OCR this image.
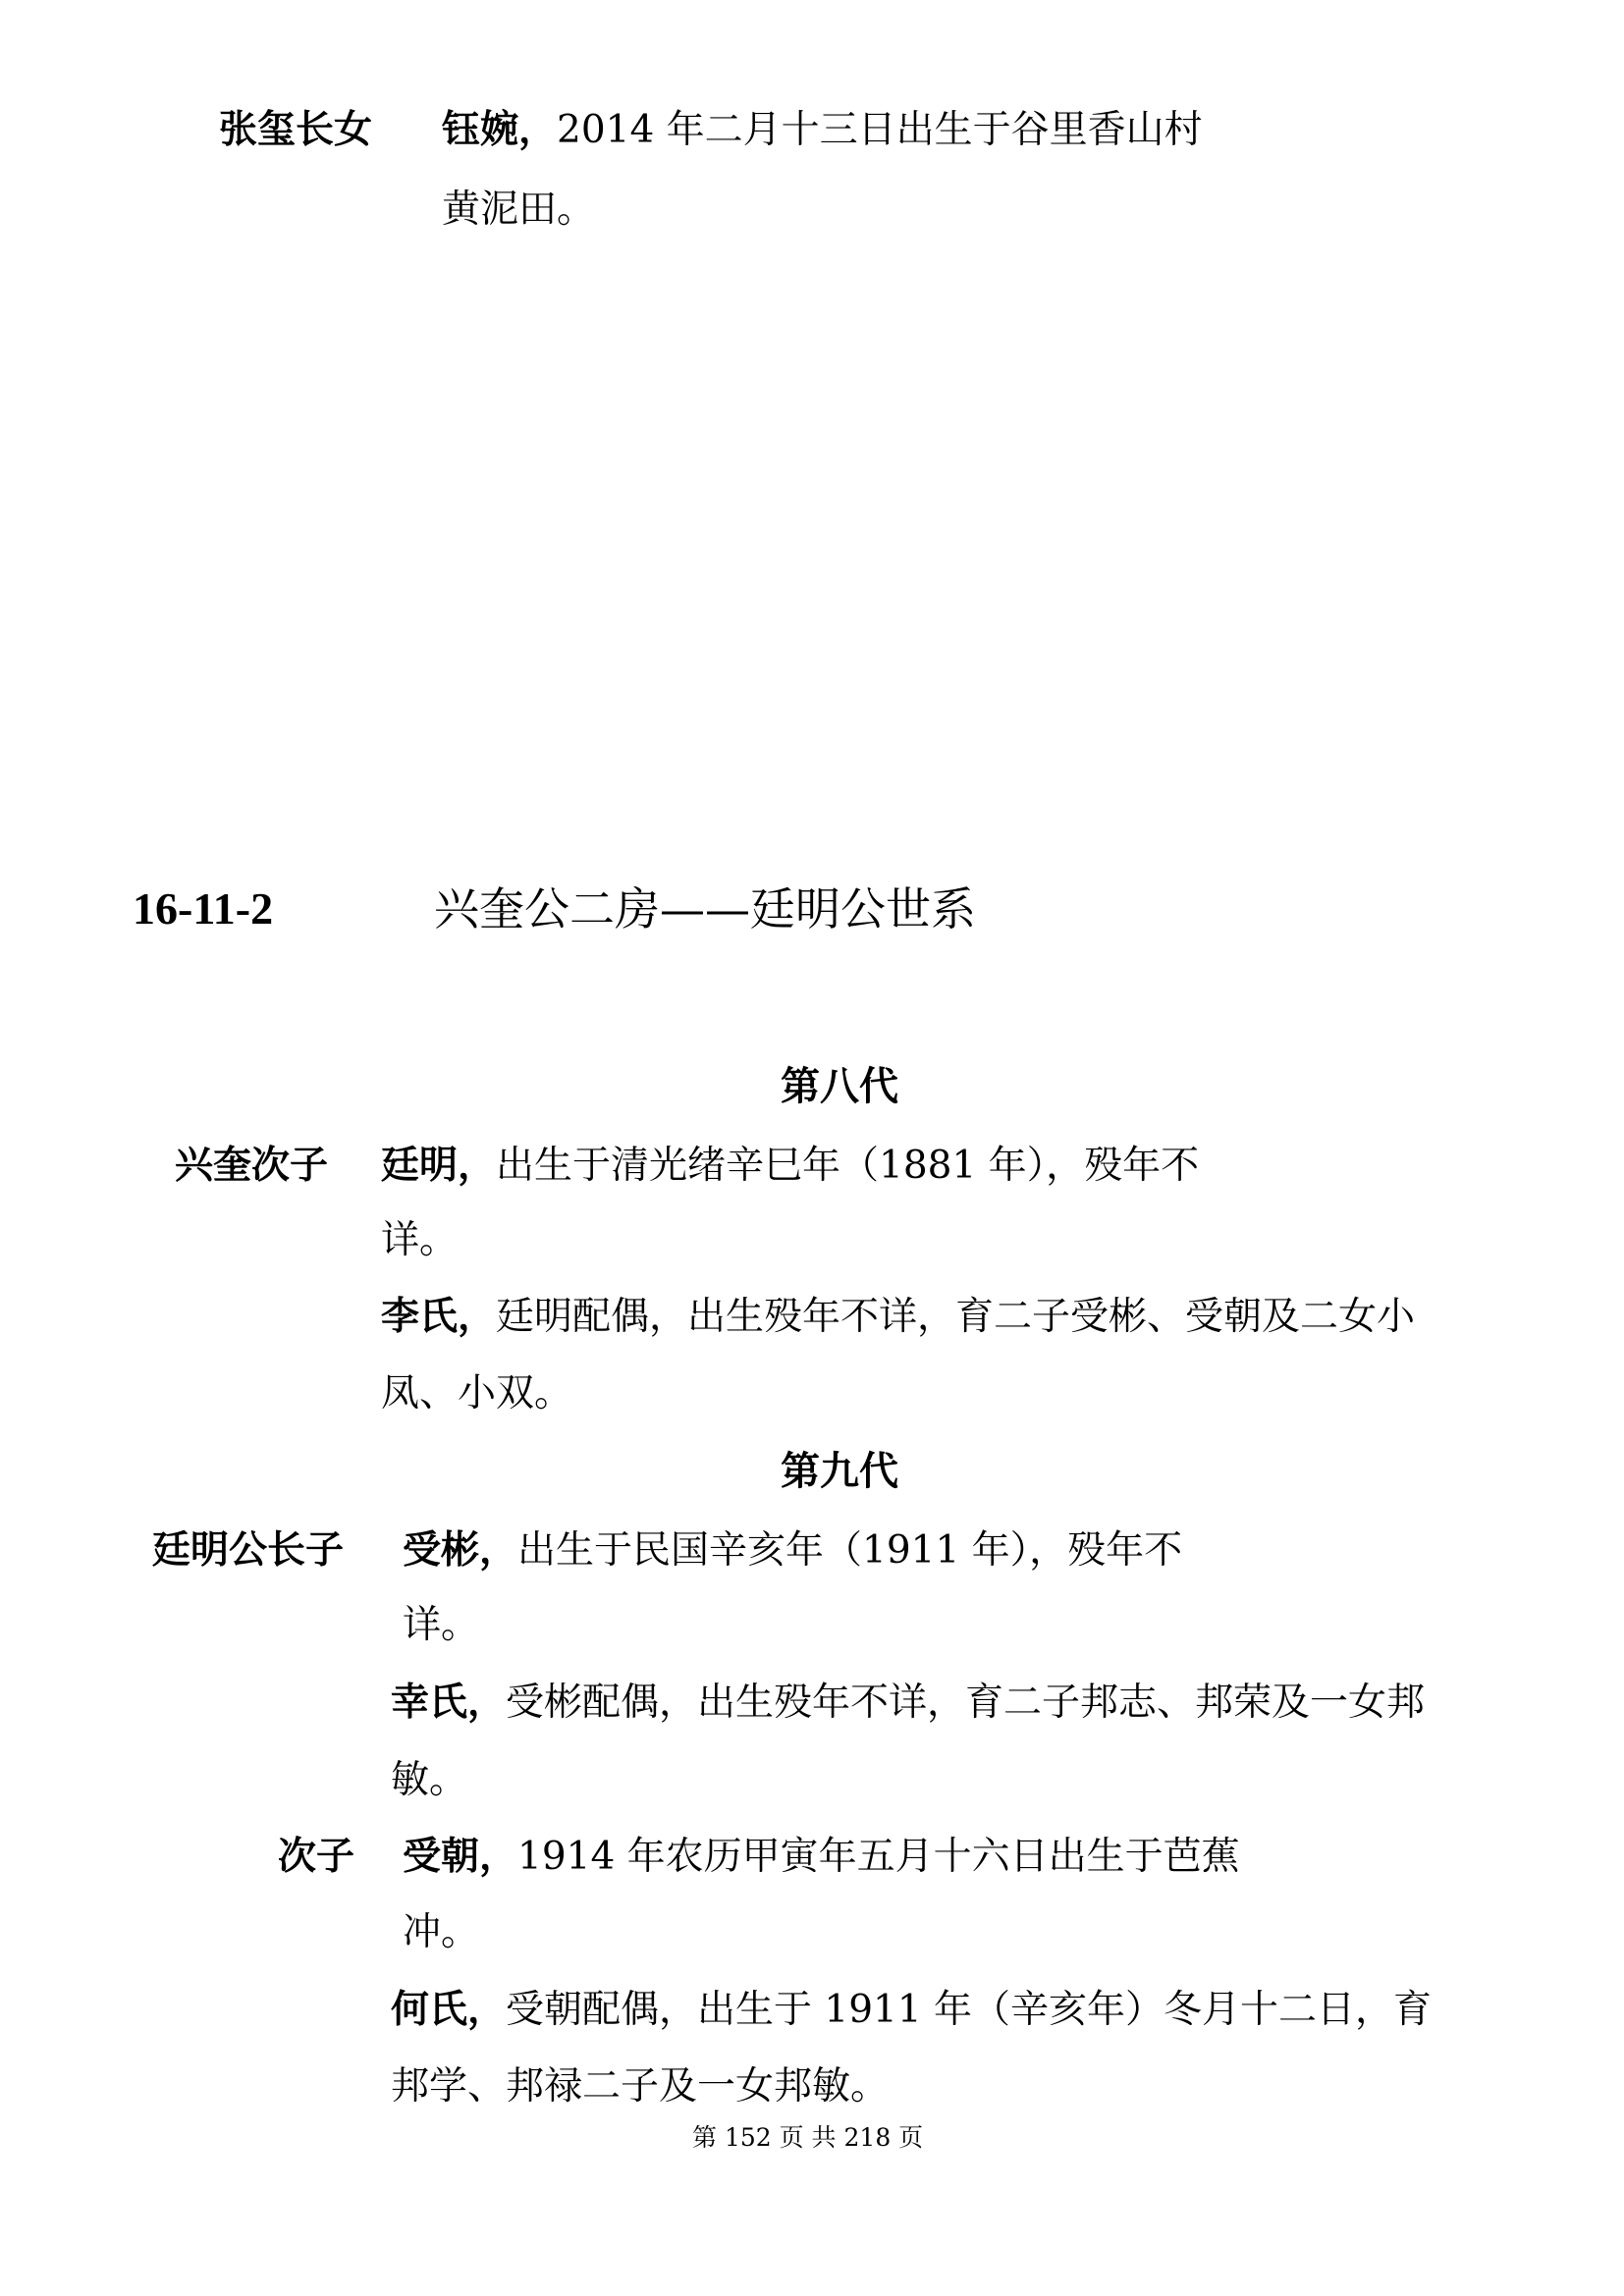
张玺长女 钰婉，2014 年二月十三日出生于谷里香山村
黄泥田。
16-11-2	兴奎公二房——廷明公世系
第八代
兴奎次子 廷明，出生于清光绪辛巳年（1881 年），殁年不
详。
李氏，廷明配偶，出生殁年不详，育二子受彬、受朝及二女小
凤、小双。
第九代
廷明公长子 受彬，出生于民国辛亥年（1911 年），殁年不
详。
幸氏，受彬配偶，出生殁年不详，育二子邦志、邦荣及一女邦
敏。
次子 受朝，1914 年农历甲寅年五月十六日出生于芭蕉
冲。
何氏，受朝配偶，出生于 1911 年（辛亥年）冬月十二日，育
邦学、邦禄二子及一女邦敏。
第 152 页 共 218 页
